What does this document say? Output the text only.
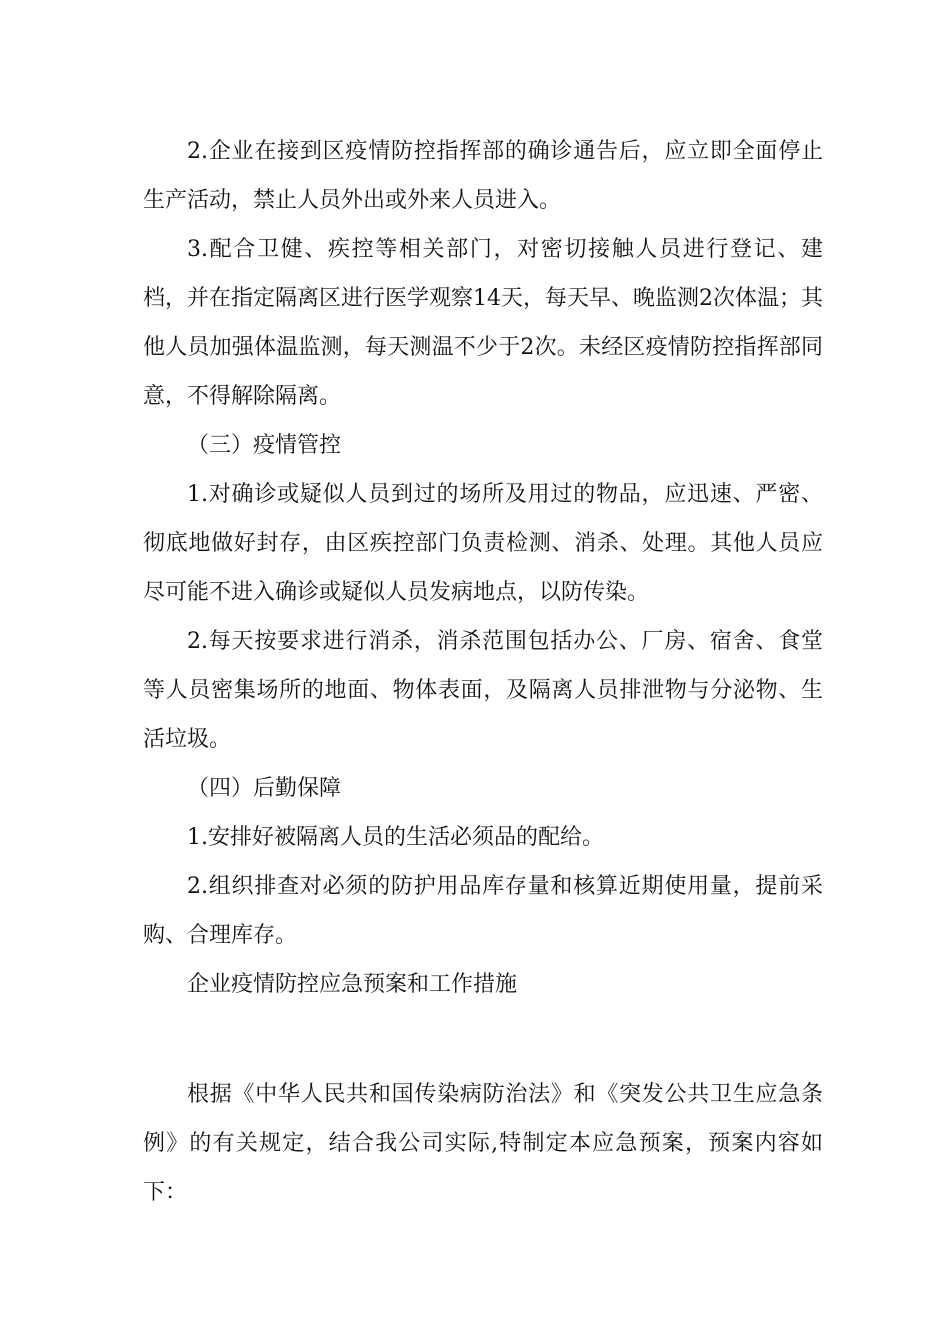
2.企业在接到区疫情防控指挥部的确诊通告后，应立即全面停止生产活动，禁止人员外出或外来人员进入。

3.配合卫健、疾控等相关部门，对密切接触人员进行登记、建档，并在指定隔离区进行医学观察14天，每天早、晚监测2次体温；其他人员加强体温监测，每天测温不少于2次。未经区疫情防控指挥部同意，不得解除隔离。

（三）疫情管控

1.对确诊或疑似人员到过的场所及用过的物品，应迅速、严密、彻底地做好封存，由区疾控部门负责检测、消杀、处理。其他人员应尽可能不进入确诊或疑似人员发病地点，以防传染。

2.每天按要求进行消杀，消杀范围包括办公、厂房、宿舍、食堂等人员密集场所的地面、物体表面，及隔离人员排泄物与分泌物、生活垃圾。

（四）后勤保障

1.安排好被隔离人员的生活必须品的配给。

2.组织排查对必须的防护用品库存量和核算近期使用量，提前采购、合理库存。

企业疫情防控应急预案和工作措施

根据《中华人民共和国传染病防治法》和《突发公共卫生应急条例》的有关规定，结合我公司实际,特制定本应急预案，预案内容如下：
